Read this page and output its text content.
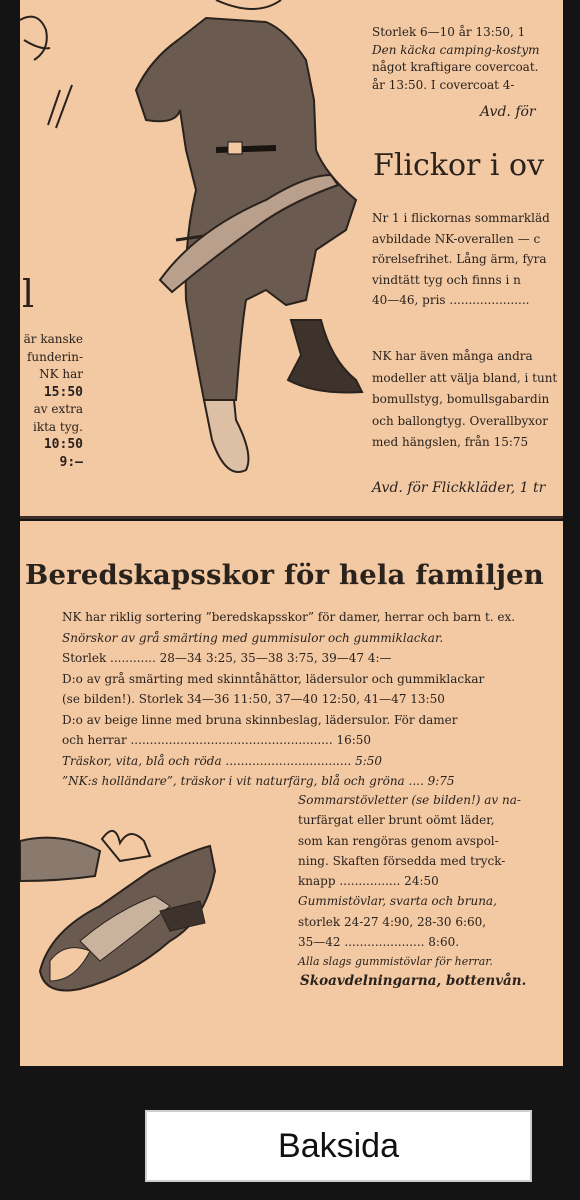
Storlek 6—10 år 13:50, 1
Den käcka camping-kostym
något kraftigare covercoat.
år 13:50. I covercoat 4-
Avd. för
l
är kanske
funderin-
NK har
15:50
av extra
ikta tyg.
10:50
9:—
Flickor i ov
Nr 1 i flickornas sommarkläd
avbildade NK-overallen — c
rörelsefrihet. Lång ärm, fyra
vindtätt tyg och finns i n
40—46, pris .....................
NK har även många andra
modeller att välja bland, i tunt
bomullstyg, bomullsgabardin
och ballongtyg. Overallbyxor
med hängslen, från 15:75
Avd. för Flickkläder, 1 tr
Beredskapsskor för hela familjen
NK har riklig sortering ”beredskapsskor” för damer, herrar och barn t. ex.
Snörskor av grå smärting med gummisulor och gummiklackar.
Storlek ............ 28—34 3:25, 35—38 3:75, 39—47 4:—
D:o av grå smärting med skinntåhättor, lädersulor och gummiklackar
(se bilden!). Storlek 34—36 11:50, 37—40 12:50, 41—47 13:50
D:o av beige linne med bruna skinnbeslag, lädersulor. För damer
och herrar ..................................................... 16:50
Träskor, vita, blå och röda ................................. 5:50
”NK:s holländare”, träskor i vit naturfärg, blå och gröna .... 9:75
Sommarstövletter (se bilden!) av na-
turfärgat eller brunt oömt läder,
som kan rengöras genom avspol-
ning. Skaften försedda med tryck-
knapp ................ 24:50
Gummistövlar, svarta och bruna,
storlek 24-27 4:90, 28-30 6:60,
35—42 ..................... 8:60.
Alla slags gummistövlar för herrar.
Skoavdelningarna, bottenvån.
Baksida
